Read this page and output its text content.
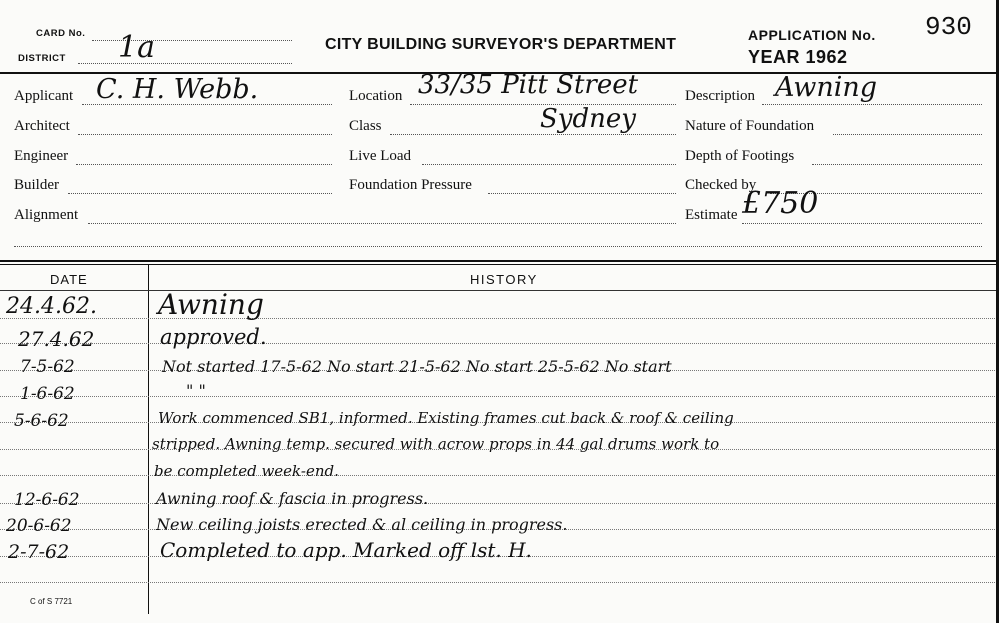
CARD No.
DISTRICT 1a	CITY BUILDING SURVEYOR'S DEPARTMENT
APPLICATION No. 930
YEAR 1962
Applicant C. H. Webb.
Architect
Engineer
Builder
Alignment
Location 33/35 Pitt Street
Sydney
Class
Live Load
Foundation Pressure
Description Awning
Nature of Foundation
Depth of Footings
Checked by
Estimate £750
DATE	HISTORY
24.4.62. Awning
27.4.62	approved.
7-5-62	Not started 17-5-62 No start 21-5-62 No start 25-5-62 No start
1-6-62	" "
5-6-62	Work commenced SB1, informed. Existing frames cut back & roof & ceiling
stripped. Awning temp. secured with acrow props in 44 gal drums work to
be completed week-end.
12-6-62	Awning roof & fascia in progress.
20-6-62	New ceiling joists erected & al ceiling in progress.
2-7-62	Completed to app. Marked off lst. H.
C of S 7721
